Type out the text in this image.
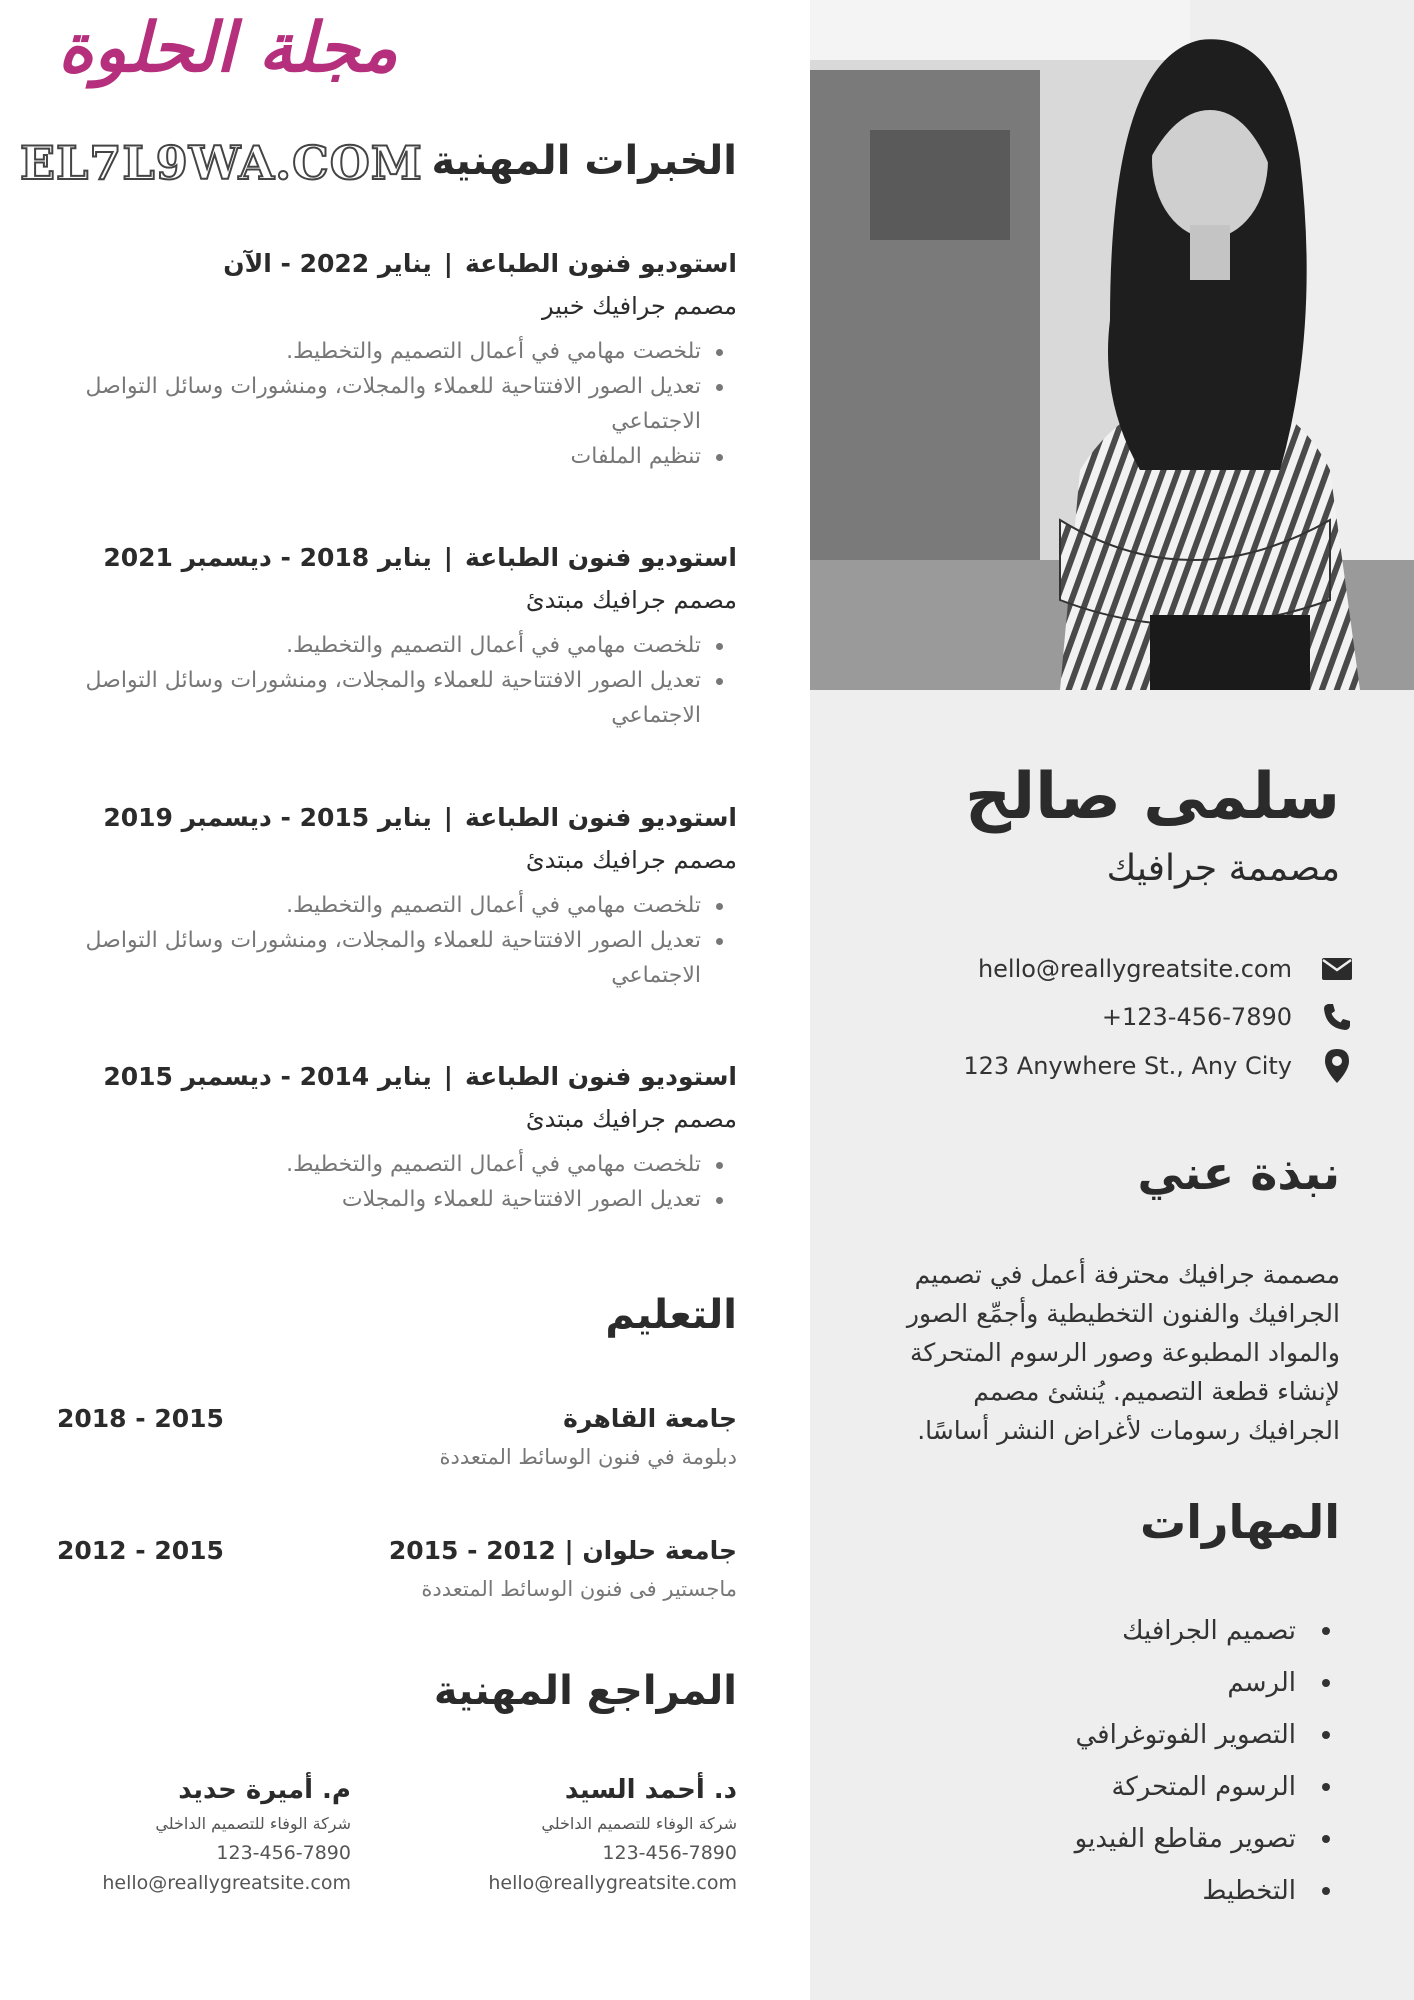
مجلة الحلوة
EL7L9WA.COM الخبرات المهنية
استوديو فنون الطباعة|يناير 2022 - الآن
مصمم جرافيك خبير
تلخصت مهامي في أعمال التصميم والتخطيط.
تعديل الصور الافتتاحية للعملاء والمجلات، ومنشورات وسائل التواصل الاجتماعي
تنظيم الملفات
استوديو فنون الطباعة|يناير 2018 - ديسمبر 2021
مصمم جرافيك مبتدئ
تلخصت مهامي في أعمال التصميم والتخطيط.
تعديل الصور الافتتاحية للعملاء والمجلات، ومنشورات وسائل التواصل الاجتماعي
استوديو فنون الطباعة|يناير 2015 - ديسمبر 2019
مصمم جرافيك مبتدئ
تلخصت مهامي في أعمال التصميم والتخطيط.
تعديل الصور الافتتاحية للعملاء والمجلات، ومنشورات وسائل التواصل الاجتماعي
استوديو فنون الطباعة|يناير 2014 - ديسمبر 2015
مصمم جرافيك مبتدئ
تلخصت مهامي في أعمال التصميم والتخطيط.
تعديل الصور الافتتاحية للعملاء والمجلات
التعليم
جامعة القاهرة
دبلومة في فنون الوسائط المتعددة
2018 - 2015
جامعة حلوان | 2012 - 2015
ماجستير فى فنون الوسائط المتعددة
2012 - 2015
المراجع المهنية
د. أحمد السيد
شركة الوفاء للتصميم الداخلي
123-456-7890
hello@reallygreatsite.com
م. أميرة حديد
شركة الوفاء للتصميم الداخلي
123-456-7890
hello@reallygreatsite.com
سلمى صالح
مصممة جرافيك
hello@reallygreatsite.com
+123-456-7890
123 Anywhere St., Any City
نبذة عني
مصممة جرافيك محترفة أعمل في تصميم الجرافيك والفنون التخطيطية وأجمِّع الصور والمواد المطبوعة وصور الرسوم المتحركة لإنشاء قطعة التصميم. يُنشئ مصمم الجرافيك رسومات لأغراض النشر أساسًا.
المهارات
تصميم الجرافيك
الرسم
التصوير الفوتوغرافي
الرسوم المتحركة
تصوير مقاطع الفيديو
التخطيط
